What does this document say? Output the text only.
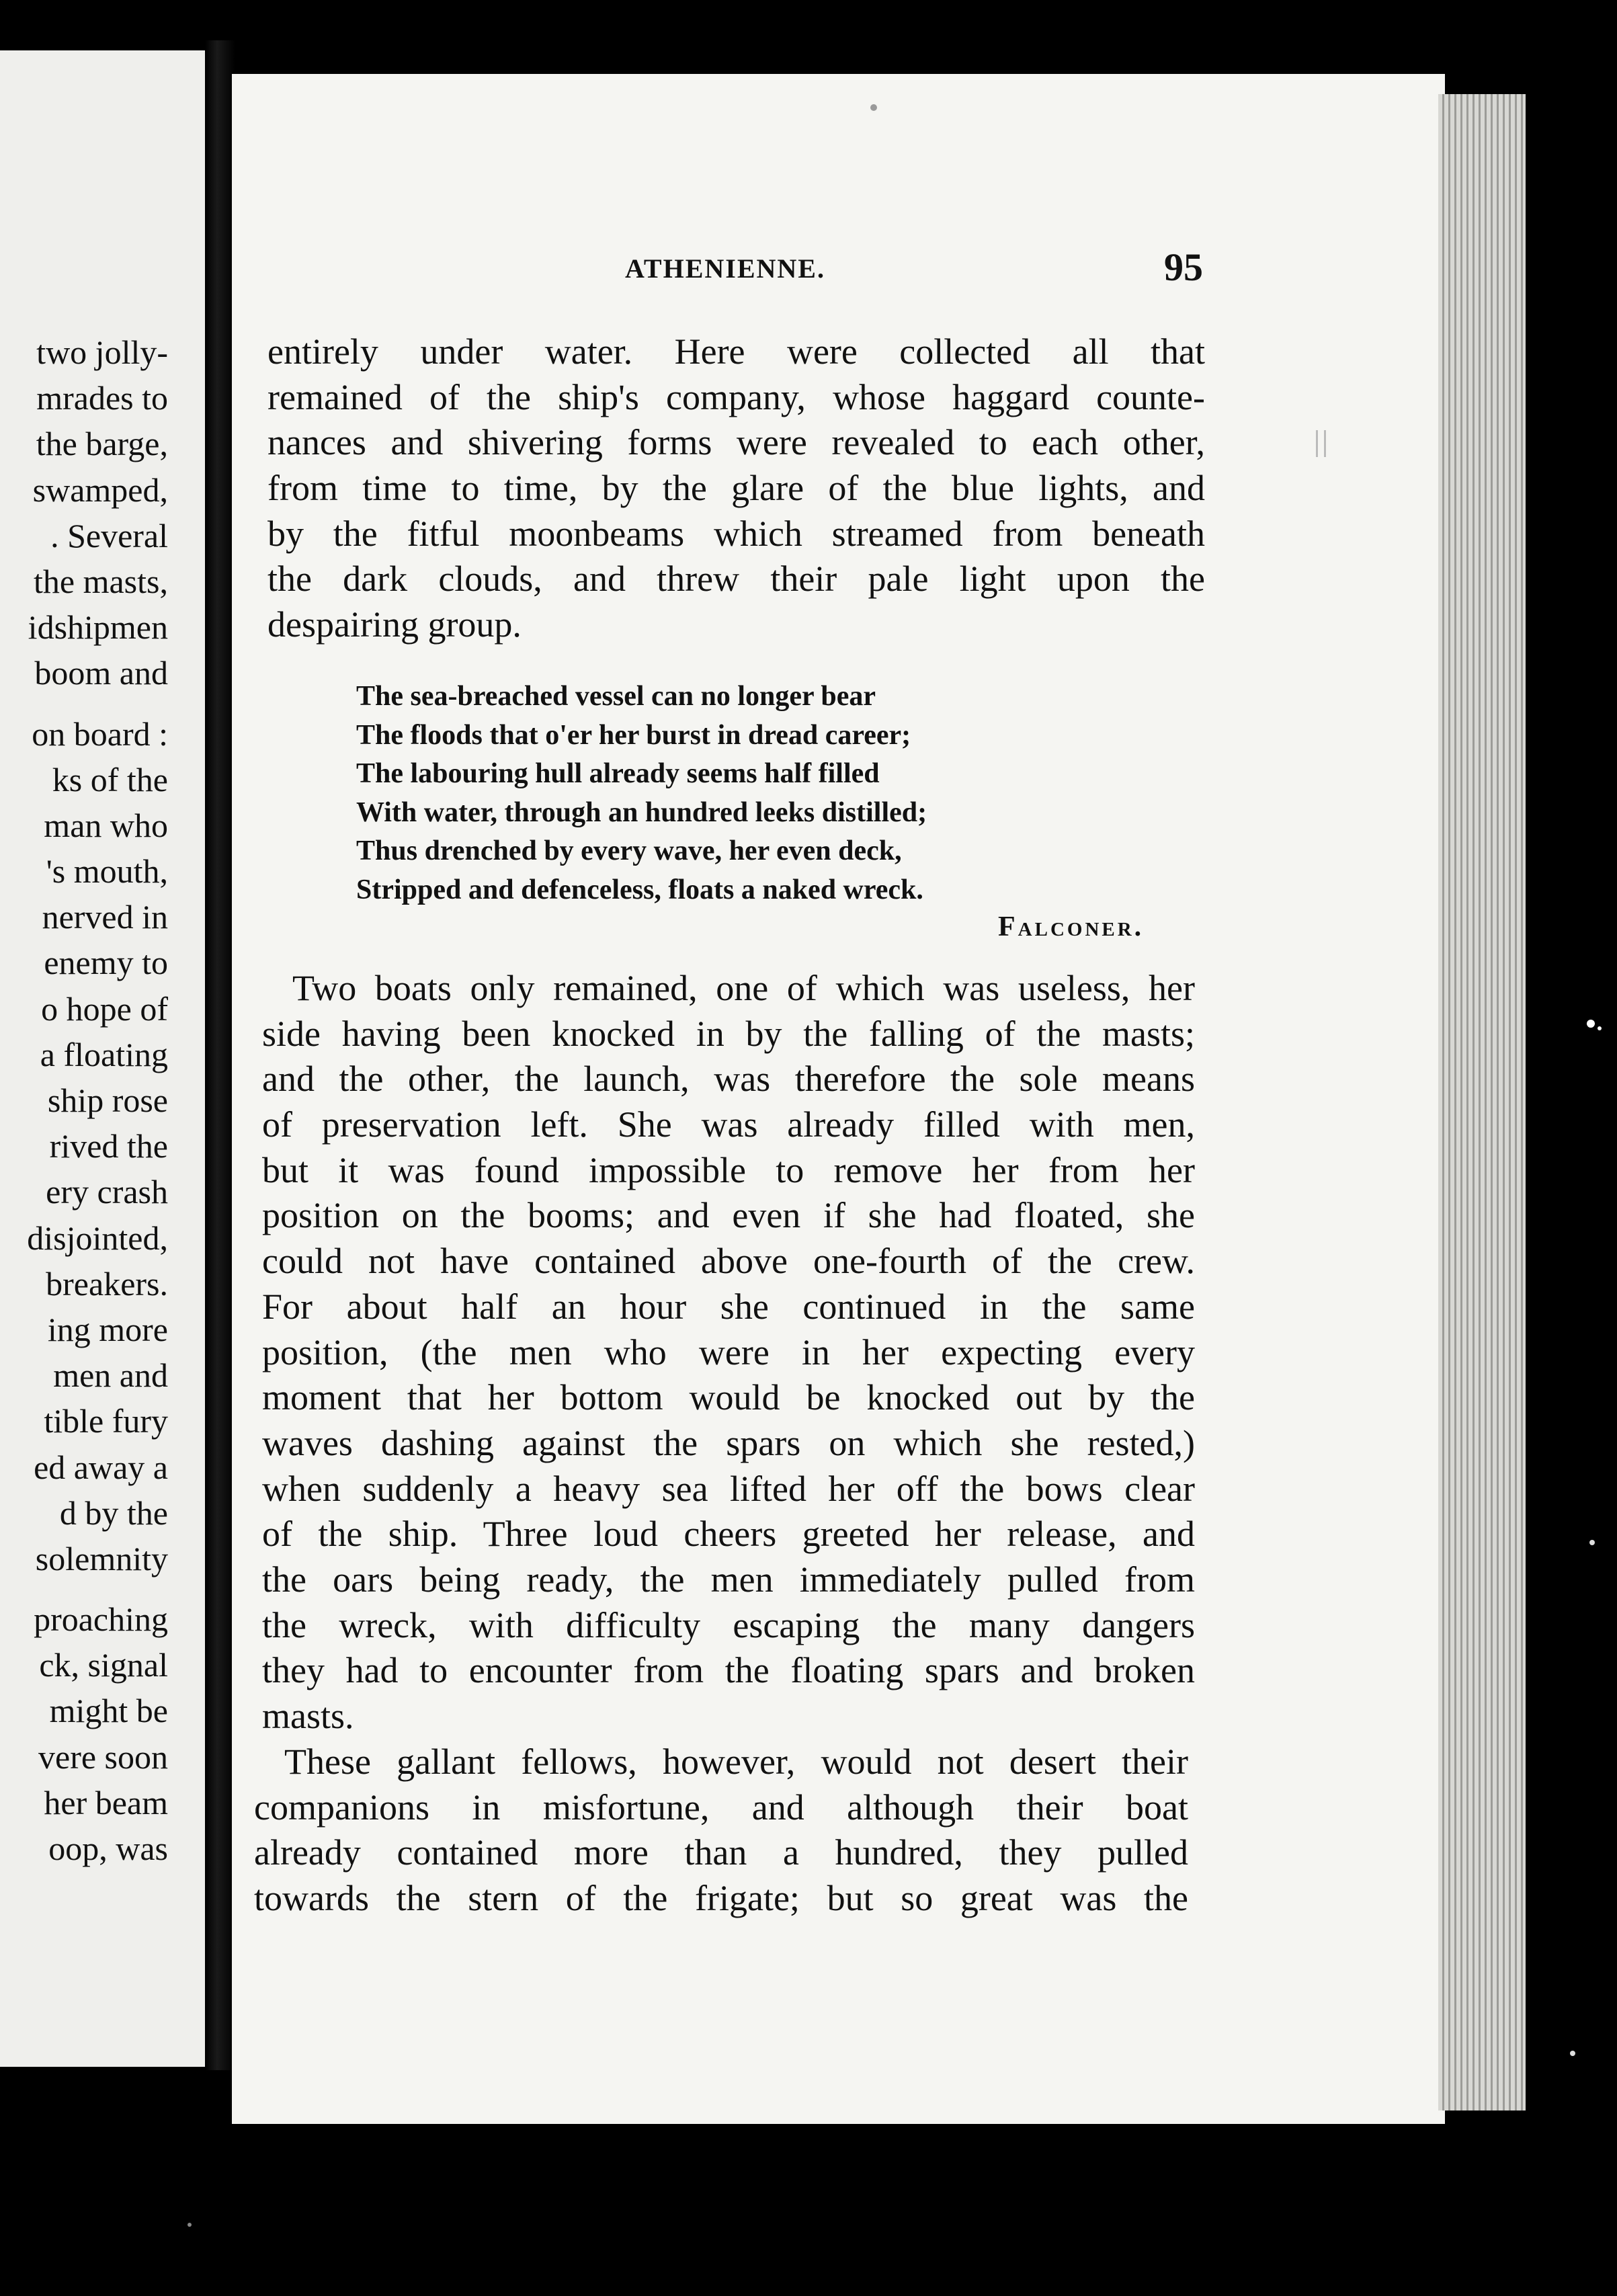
two jolly-
mrades to
the barge,
swamped,
. Several
the masts,
idshipmen
boom and
on board :
ks of the
man who
's mouth,
nerved in
enemy to
o hope of
a floating
ship rose
rived the
ery crash
disjointed,
breakers.
ing more
men and
tible fury
ed away a
d by the
solemnity
proaching
ck, signal
might be
vere soon
her beam
oop, was
ATHENIENNE.	95
entirely under water. Here were collected all that
remained of the ship's company, whose haggard counte-
nances and shivering forms were revealed to each other,
from time to time, by the glare of the blue lights, and
by the fitful moonbeams which streamed from beneath
the dark clouds, and threw their pale light upon the
despairing group.
The sea-breached vessel can no longer bear
The floods that o'er her burst in dread career;
The labouring hull already seems half filled
With water, through an hundred leeks distilled;
Thus drenched by every wave, her even deck,
Stripped and defenceless, floats a naked wreck.
Falconer.
Two boats only remained, one of which was useless, her
side having been knocked in by the falling of the masts;
and the other, the launch, was therefore the sole means
of preservation left. She was already filled with men,
but it was found impossible to remove her from her
position on the booms; and even if she had floated, she
could not have contained above one-fourth of the crew.
For about half an hour she continued in the same
position, (the men who were in her expecting every
moment that her bottom would be knocked out by the
waves dashing against the spars on which she rested,)
when suddenly a heavy sea lifted her off the bows clear
of the ship. Three loud cheers greeted her release, and
the oars being ready, the men immediately pulled from
the wreck, with difficulty escaping the many dangers
they had to encounter from the floating spars and broken
masts.
These gallant fellows, however, would not desert their
companions in misfortune, and although their boat
already contained more than a hundred, they pulled
towards the stern of the frigate; but so great was the
